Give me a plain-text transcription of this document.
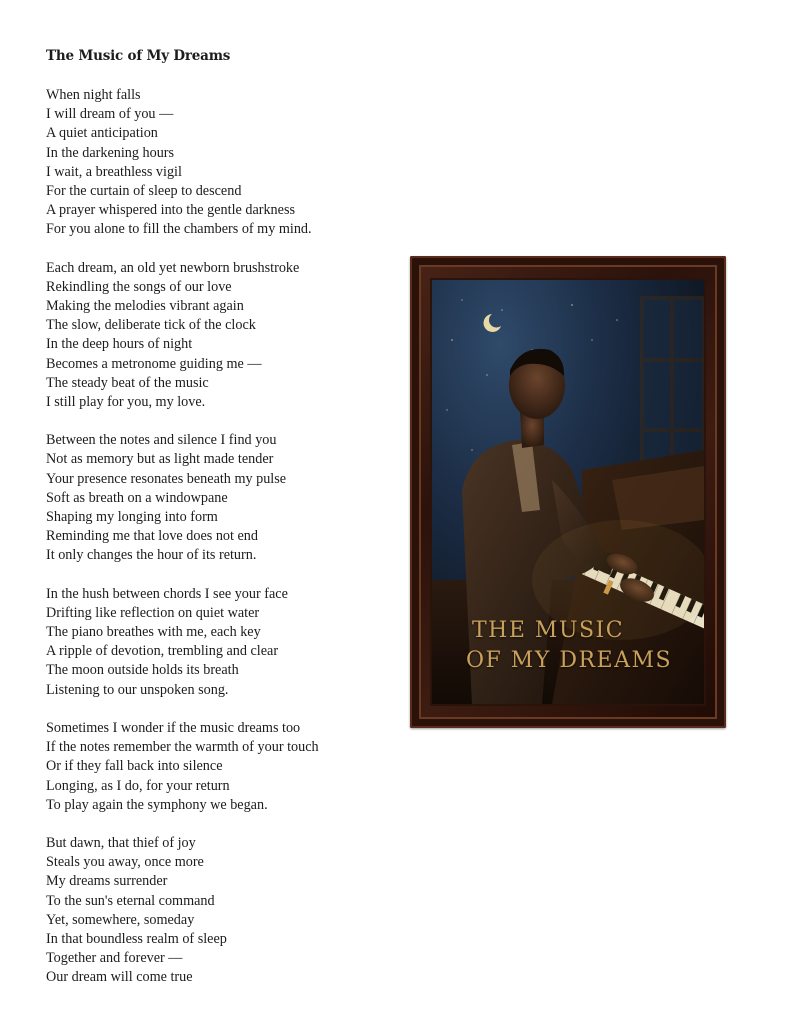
The Music of My Dreams
When night falls
I will dream of you —
A quiet anticipation
In the darkening hours
I wait, a breathless vigil
For the curtain of sleep to descend
A prayer whispered into the gentle darkness
For you alone to fill the chambers of my mind.
Each dream, an old yet newborn brushstroke
Rekindling the songs of our love
Making the melodies vibrant again
The slow, deliberate tick of the clock
In the deep hours of night
Becomes a metronome guiding me —
The steady beat of the music
I still play for you, my love.
Between the notes and silence I find you
Not as memory but as light made tender
Your presence resonates beneath my pulse
Soft as breath on a windowpane
Shaping my longing into form
Reminding me that love does not end
It only changes the hour of its return.
In the hush between chords I see your face
Drifting like reflection on quiet water
The piano breathes with me, each key
A ripple of devotion, trembling and clear
The moon outside holds its breath
Listening to our unspoken song.
Sometimes I wonder if the music dreams too
If the notes remember the warmth of your touch
Or if they fall back into silence
Longing, as I do, for your return
To play again the symphony we began.
But dawn, that thief of joy
Steals you away, once more
My dreams surrender
To the sun's eternal command
Yet, somewhere, someday
In that boundless realm of sleep
Together and forever —
Our dream will come true
THE MUSIC
OF MY DREAMS
